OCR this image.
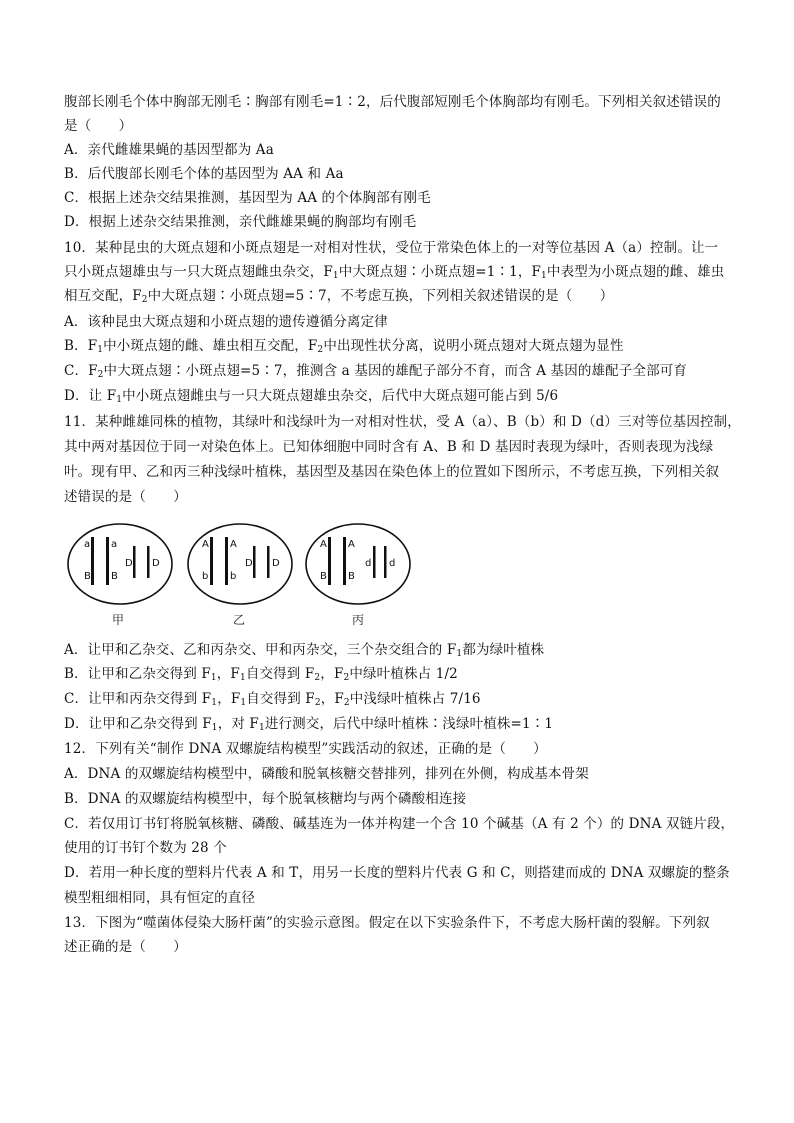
腹部长刚毛个体中胸部无刚毛∶胸部有刚毛=1∶2，后代腹部短刚毛个体胸部均有刚毛。下列相关叙述错误的
是（　　）
A．亲代雌雄果蝇的基因型都为 Aa
B．后代腹部长刚毛个体的基因型为 AA 和 Aa
C．根据上述杂交结果推测，基因型为 AA 的个体胸部有刚毛
D．根据上述杂交结果推测，亲代雌雄果蝇的胸部均有刚毛
10．某种昆虫的大斑点翅和小斑点翅是一对相对性状，受位于常染色体上的一对等位基因 A（a）控制。让一
只小斑点翅雄虫与一只大斑点翅雌虫杂交，$F_1$中大斑点翅∶小斑点翅=1∶1，$F_1$中表型为小斑点翅的雌、雄虫
相互交配，$F_2$中大斑点翅∶小斑点翅=5∶7，不考虑互换，下列相关叙述错误的是（　　）
A．该种昆虫大斑点翅和小斑点翅的遗传遵循分离定律
B．$F_1$中小斑点翅的雌、雄虫相互交配，$F_2$中出现性状分离，说明小斑点翅对大斑点翅为显性
C．$F_2$中大斑点翅∶小斑点翅=5∶7，推测含 a 基因的雄配子部分不育，而含 A 基因的雄配子全部可育
D．让 $F_1$中小斑点翅雌虫与一只大斑点翅雄虫杂交，后代中大斑点翅可能占到 5/6
11．某种雌雄同株的植物，其绿叶和浅绿叶为一对相对性状，受 A（a）、B（b）和 D（d）三对等位基因控制，
其中两对基因位于同一对染色体上。已知体细胞中同时含有 A、B 和 D 基因时表现为绿叶，否则表现为浅绿
叶。现有甲、乙和丙三种浅绿叶植株，基因型及基因在染色体上的位置如下图所示，不考虑互换，下列相关叙
述错误的是（　　）
a
B
a
B
D D
A
b
A
b
D D
A
B
A
B
d d
甲	乙	丙
A．让甲和乙杂交、乙和丙杂交、甲和丙杂交，三个杂交组合的 $F_1$都为绿叶植株
B．让甲和乙杂交得到 $F_1$，$F_1$自交得到 $F_2$，$F_2$中绿叶植株占 1/2
C．让甲和丙杂交得到 $F_1$，$F_1$自交得到 $F_2$，$F_2$中浅绿叶植株占 7/16
D．让甲和乙杂交得到 $F_1$，对 $F_1$进行测交，后代中绿叶植株∶浅绿叶植株=1∶1
12．下列有关“制作 DNA 双螺旋结构模型”实践活动的叙述，正确的是（　　）
A．DNA 的双螺旋结构模型中，磷酸和脱氧核糖交替排列，排列在外侧，构成基本骨架
B．DNA 的双螺旋结构模型中，每个脱氧核糖均与两个磷酸相连接
C．若仅用订书钉将脱氧核糖、磷酸、碱基连为一体并构建一个含 10 个碱基（A 有 2 个）的 DNA 双链片段，
使用的订书钉个数为 28 个
D．若用一种长度的塑料片代表 A 和 T，用另一长度的塑料片代表 G 和 C，则搭建而成的 DNA 双螺旋的整条
模型粗细相同，具有恒定的直径
13．下图为“噬菌体侵染大肠杆菌”的实验示意图。假定在以下实验条件下，不考虑大肠杆菌的裂解。下列叙
述正确的是（　　）
